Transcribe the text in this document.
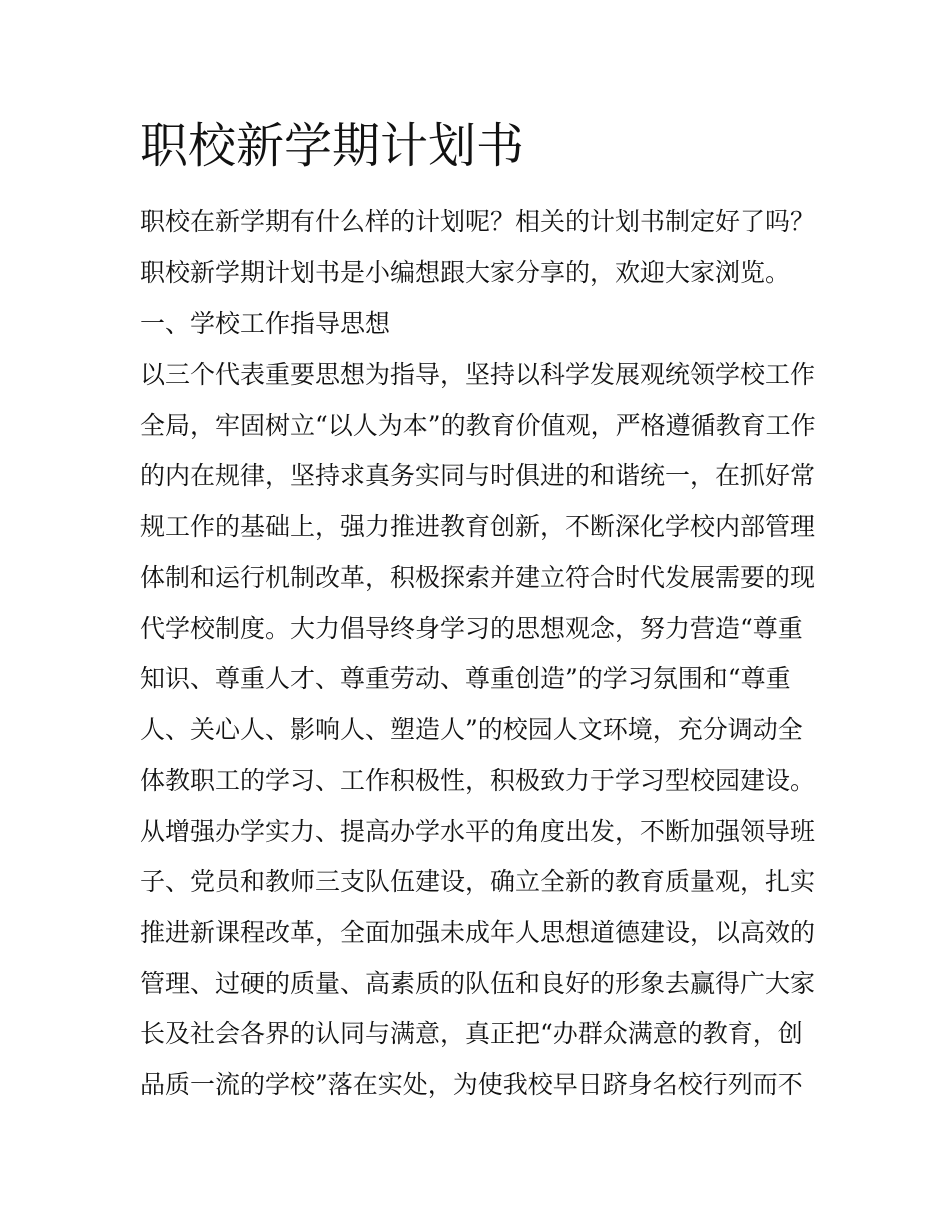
职校新学期计划书
职校在新学期有什么样的计划呢？相关的计划书制定好了吗？
职校新学期计划书是小编想跟大家分享的，欢迎大家浏览。
一、学校工作指导思想
以三个代表重要思想为指导，坚持以科学发展观统领学校工作
全局，牢固树立“以人为本”的教育价值观，严格遵循教育工作
的内在规律，坚持求真务实同与时俱进的和谐统一，在抓好常
规工作的基础上，强力推进教育创新，不断深化学校内部管理
体制和运行机制改革，积极探索并建立符合时代发展需要的现
代学校制度。大力倡导终身学习的思想观念，努力营造“尊重
知识、尊重人才、尊重劳动、尊重创造”的学习氛围和“尊重
人、关心人、影响人、塑造人”的校园人文环境，充分调动全
体教职工的学习、工作积极性，积极致力于学习型校园建设。
从增强办学实力、提高办学水平的角度出发，不断加强领导班
子、党员和教师三支队伍建设，确立全新的教育质量观，扎实
推进新课程改革，全面加强未成年人思想道德建设，以高效的
管理、过硬的质量、高素质的队伍和良好的形象去赢得广大家
长及社会各界的认同与满意，真正把“办群众满意的教育，创
品质一流的学校”落在实处，为使我校早日跻身名校行列而不
